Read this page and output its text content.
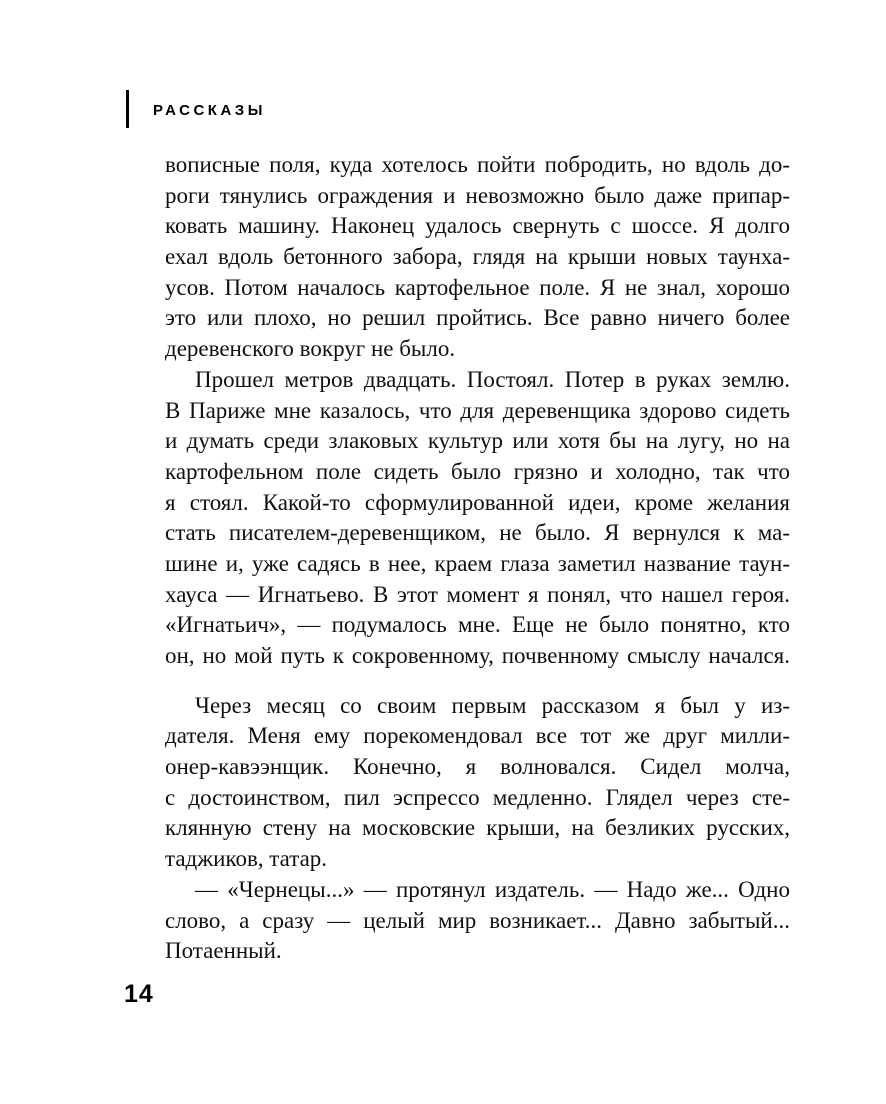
РАССКАЗЫ
вописные поля, куда хотелось пойти побродить, но вдоль до-
роги тянулись ограждения и невозможно было даже припар-
ковать машину. Наконец удалось свернуть с шоссе. Я долго
ехал вдоль бетонного забора, глядя на крыши новых таунха-
усов. Потом началось картофельное поле. Я не знал, хорошо
это или плохо, но решил пройтись. Все равно ничего более
деревенского вокруг не было.
Прошел метров двадцать. Постоял. Потер в руках землю.
В Париже мне казалось, что для деревенщика здорово сидеть
и думать среди злаковых культур или хотя бы на лугу, но на
картофельном поле сидеть было грязно и холодно, так что
я стоял. Какой-то сформулированной идеи, кроме желания
стать писателем-деревенщиком, не было. Я вернулся к ма-
шине и, уже садясь в нее, краем глаза заметил название таун-
хауса — Игнатьево. В этот момент я понял, что нашел героя.
«Игнатьич», — подумалось мне. Еще не было понятно, кто
он, но мой путь к сокровенному, почвенному смыслу начался.
Через месяц со своим первым рассказом я был у из-
дателя. Меня ему порекомендовал все тот же друг милли-
онер-кавээнщик. Конечно, я волновался. Сидел молча,
с достоинством, пил эспрессо медленно. Глядел через сте-
клянную стену на московские крыши, на безликих русских,
таджиков, татар.
— «Чернецы...» — протянул издатель. — Надо же... Одно
слово, а сразу — целый мир возникает... Давно забытый...
Потаенный.
14
